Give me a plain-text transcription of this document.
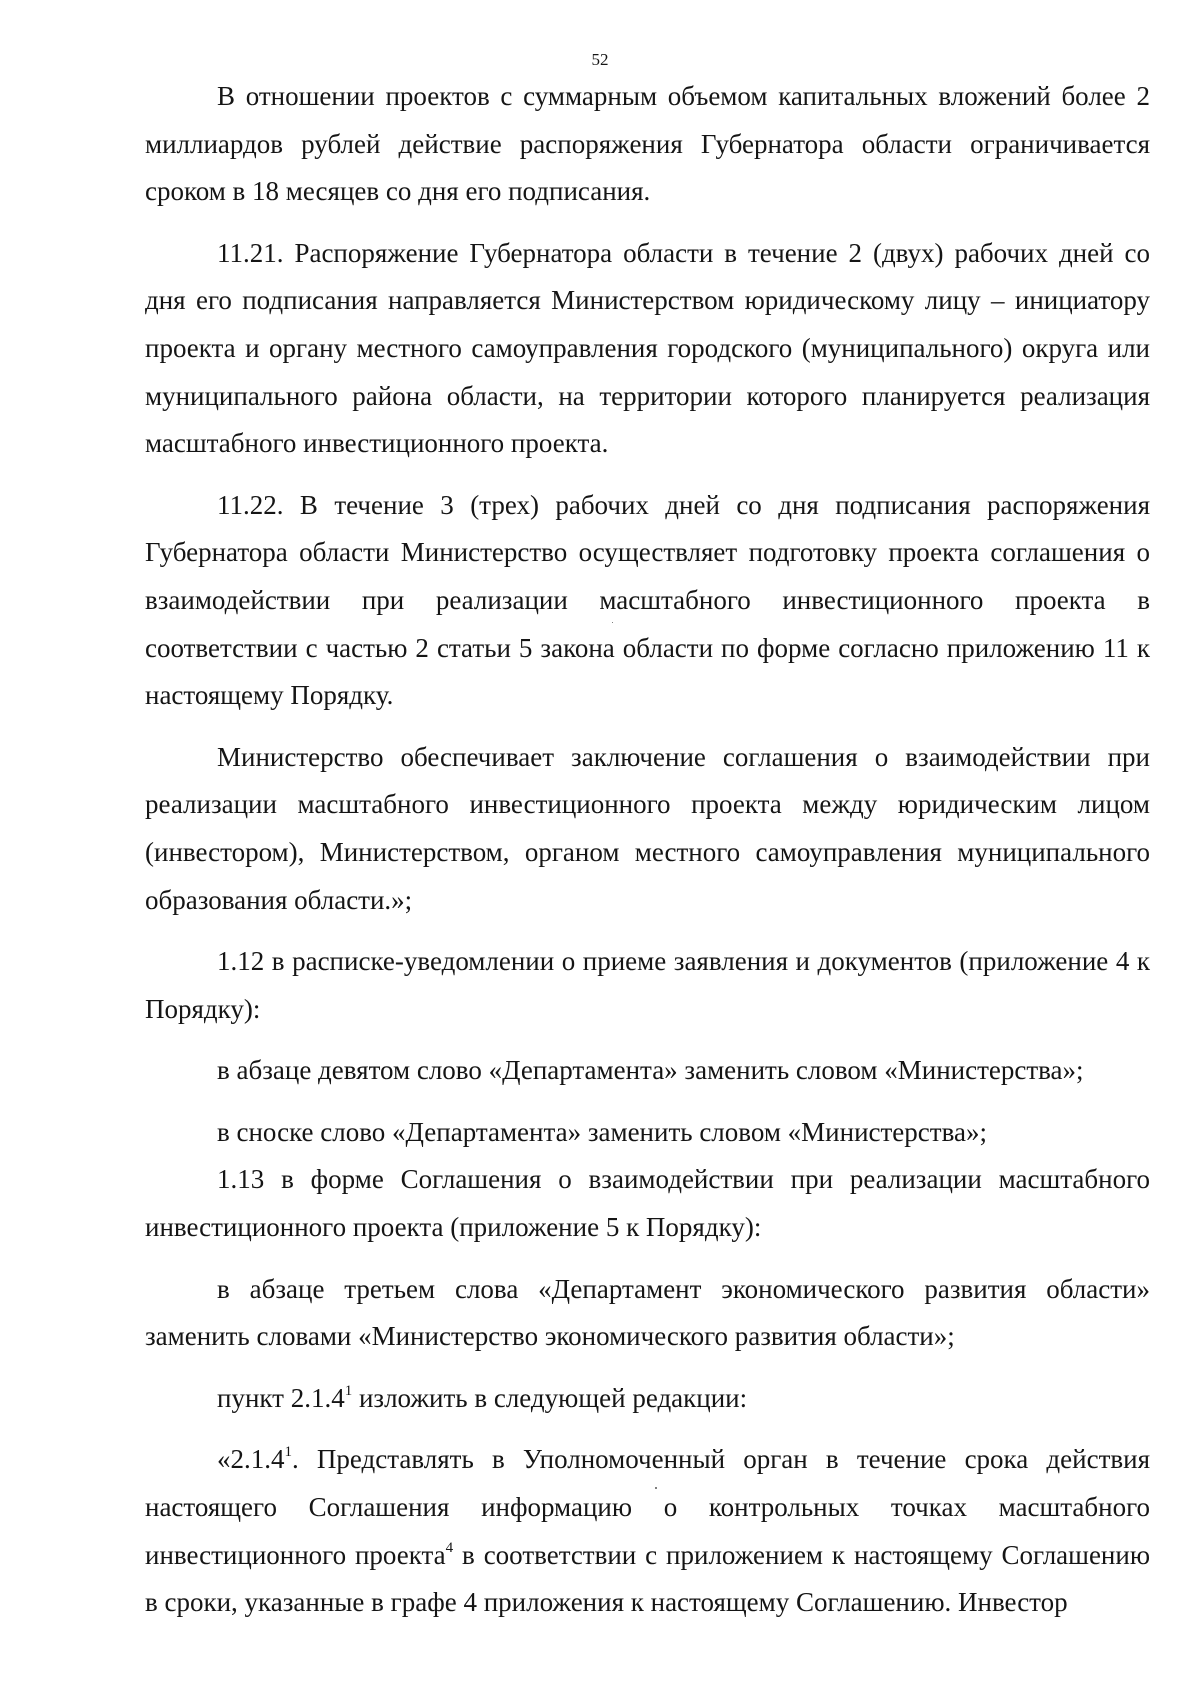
52

В отношении проектов с суммарным объемом капитальных вложений более 2 миллиардов рублей действие распоряжения Губернатора области ограничивается сроком в 18 месяцев со дня его подписания.

11.21. Распоряжение Губернатора области в течение 2 (двух) рабочих дней со дня его подписания направляется Министерством юридическому лицу – инициатору проекта и органу местного самоуправления городского (муниципального) округа или муниципального района области, на территории которого планируется реализация масштабного инвестиционного проекта.

11.22. В течение 3 (трех) рабочих дней со дня подписания распоряжения Губернатора области Министерство осуществляет подготовку проекта соглашения о взаимодействии при реализации масштабного инвестиционного проекта в соответствии с частью 2 статьи 5 закона области по форме согласно приложению 11 к настоящему Порядку.

Министерство обеспечивает заключение соглашения о взаимодействии при реализации масштабного инвестиционного проекта между юридическим лицом (инвестором), Министерством, органом местного самоуправления муниципального образования области.»;

1.12 в расписке-уведомлении о приеме заявления и документов (приложение 4 к Порядку):

в абзаце девятом слово «Департамента» заменить словом «Министерства»;

в сноске слово «Департамента» заменить словом «Министерства»;

1.13 в форме Соглашения о взаимодействии при реализации масштабного инвестиционного проекта (приложение 5 к Порядку):

в абзаце третьем слова «Департамент экономического развития области» заменить словами «Министерство экономического развития области»;

пункт 2.1.4$^1$ изложить в следующей редакции:

«2.1.4$^1$. Представлять в Уполномоченный орган в течение срока действия настоящего Соглашения информацию о контрольных точках масштабного инвестиционного проекта$^4$ в соответствии с приложением к настоящему Соглашению в сроки, указанные в графе 4 приложения к настоящему Соглашению. Инвестор
